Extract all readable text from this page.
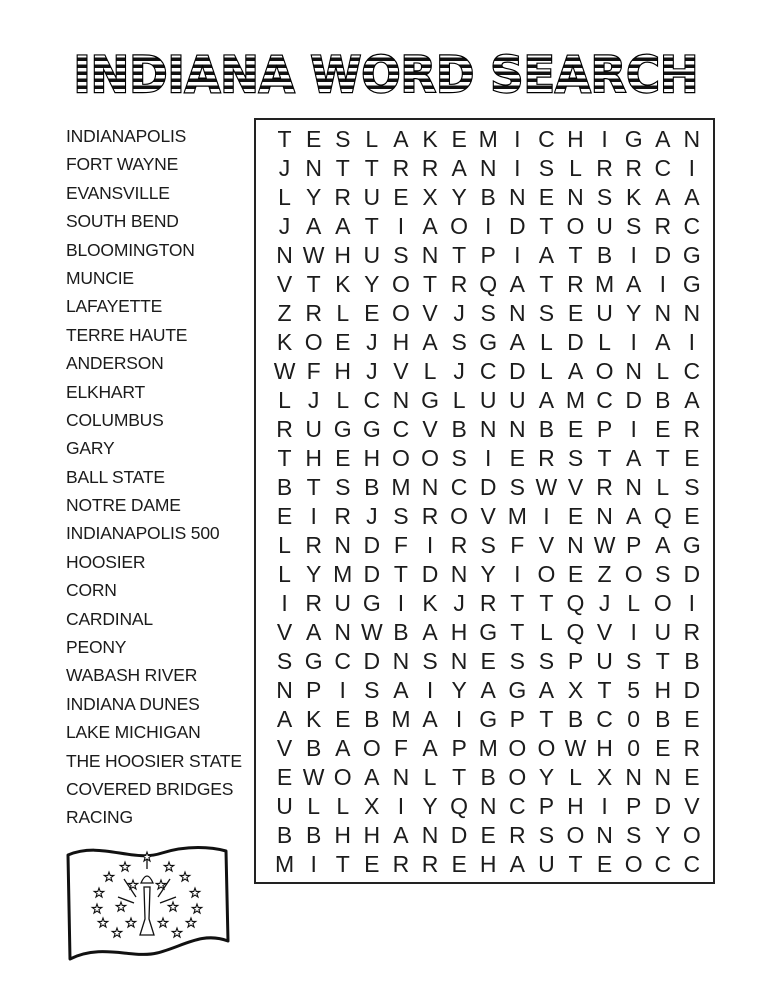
INDIANA WORD SEARCH
INDIANAPOLIS
FORT WAYNE
EVANSVILLE
SOUTH BEND
BLOOMINGTON
MUNCIE
LAFAYETTE
TERRE HAUTE
ANDERSON
ELKHART
COLUMBUS
GARY
BALL STATE
NOTRE DAME
INDIANAPOLIS 500
HOOSIER
CORN
CARDINAL
PEONY
WABASH RIVER
INDIANA DUNES
LAKE MICHIGAN
THE HOOSIER STATE
COVERED BRIDGES
RACING
T E S L A K E M I C H I G A N
J N T T R R A N I S L R R C I
L Y R U E X Y B N E N S K A A
J A A T I A O I D T O U S R C
N W H U S N T P I A T B I D G
V T K Y O T R Q A T R M A I G
Z R L E O V J S N S E U Y N N
K O E J H A S G A L D L I A I
W F H J V L J C D L A O N L C
L J L C N G L U U A M C D B A
R U G G C V B N N B E P I E R
T H E H O O S I E R S T A T E
B T S B M N C D S W V R N L S
E I R J S R O V M I E N A Q E
L R N D F I R S F V N W P A G
L Y M D T D N Y I O E Z O S D
I R U G I K J R T T Q J L O I
V A N W B A H G T L Q V I U R
S G C D N S N E S S P U S T B
N P I S A I Y A G A X T 5 H D
A K E B M A I G P T B C 0 B E
V B A O F A P M O O W H 0 E R
E W O A N L T B O Y L X N N E
U L L X I Y Q N C P H I P D V
B B H H A N D E R S O N S Y O
M I T E R R E H A U T E O C C
